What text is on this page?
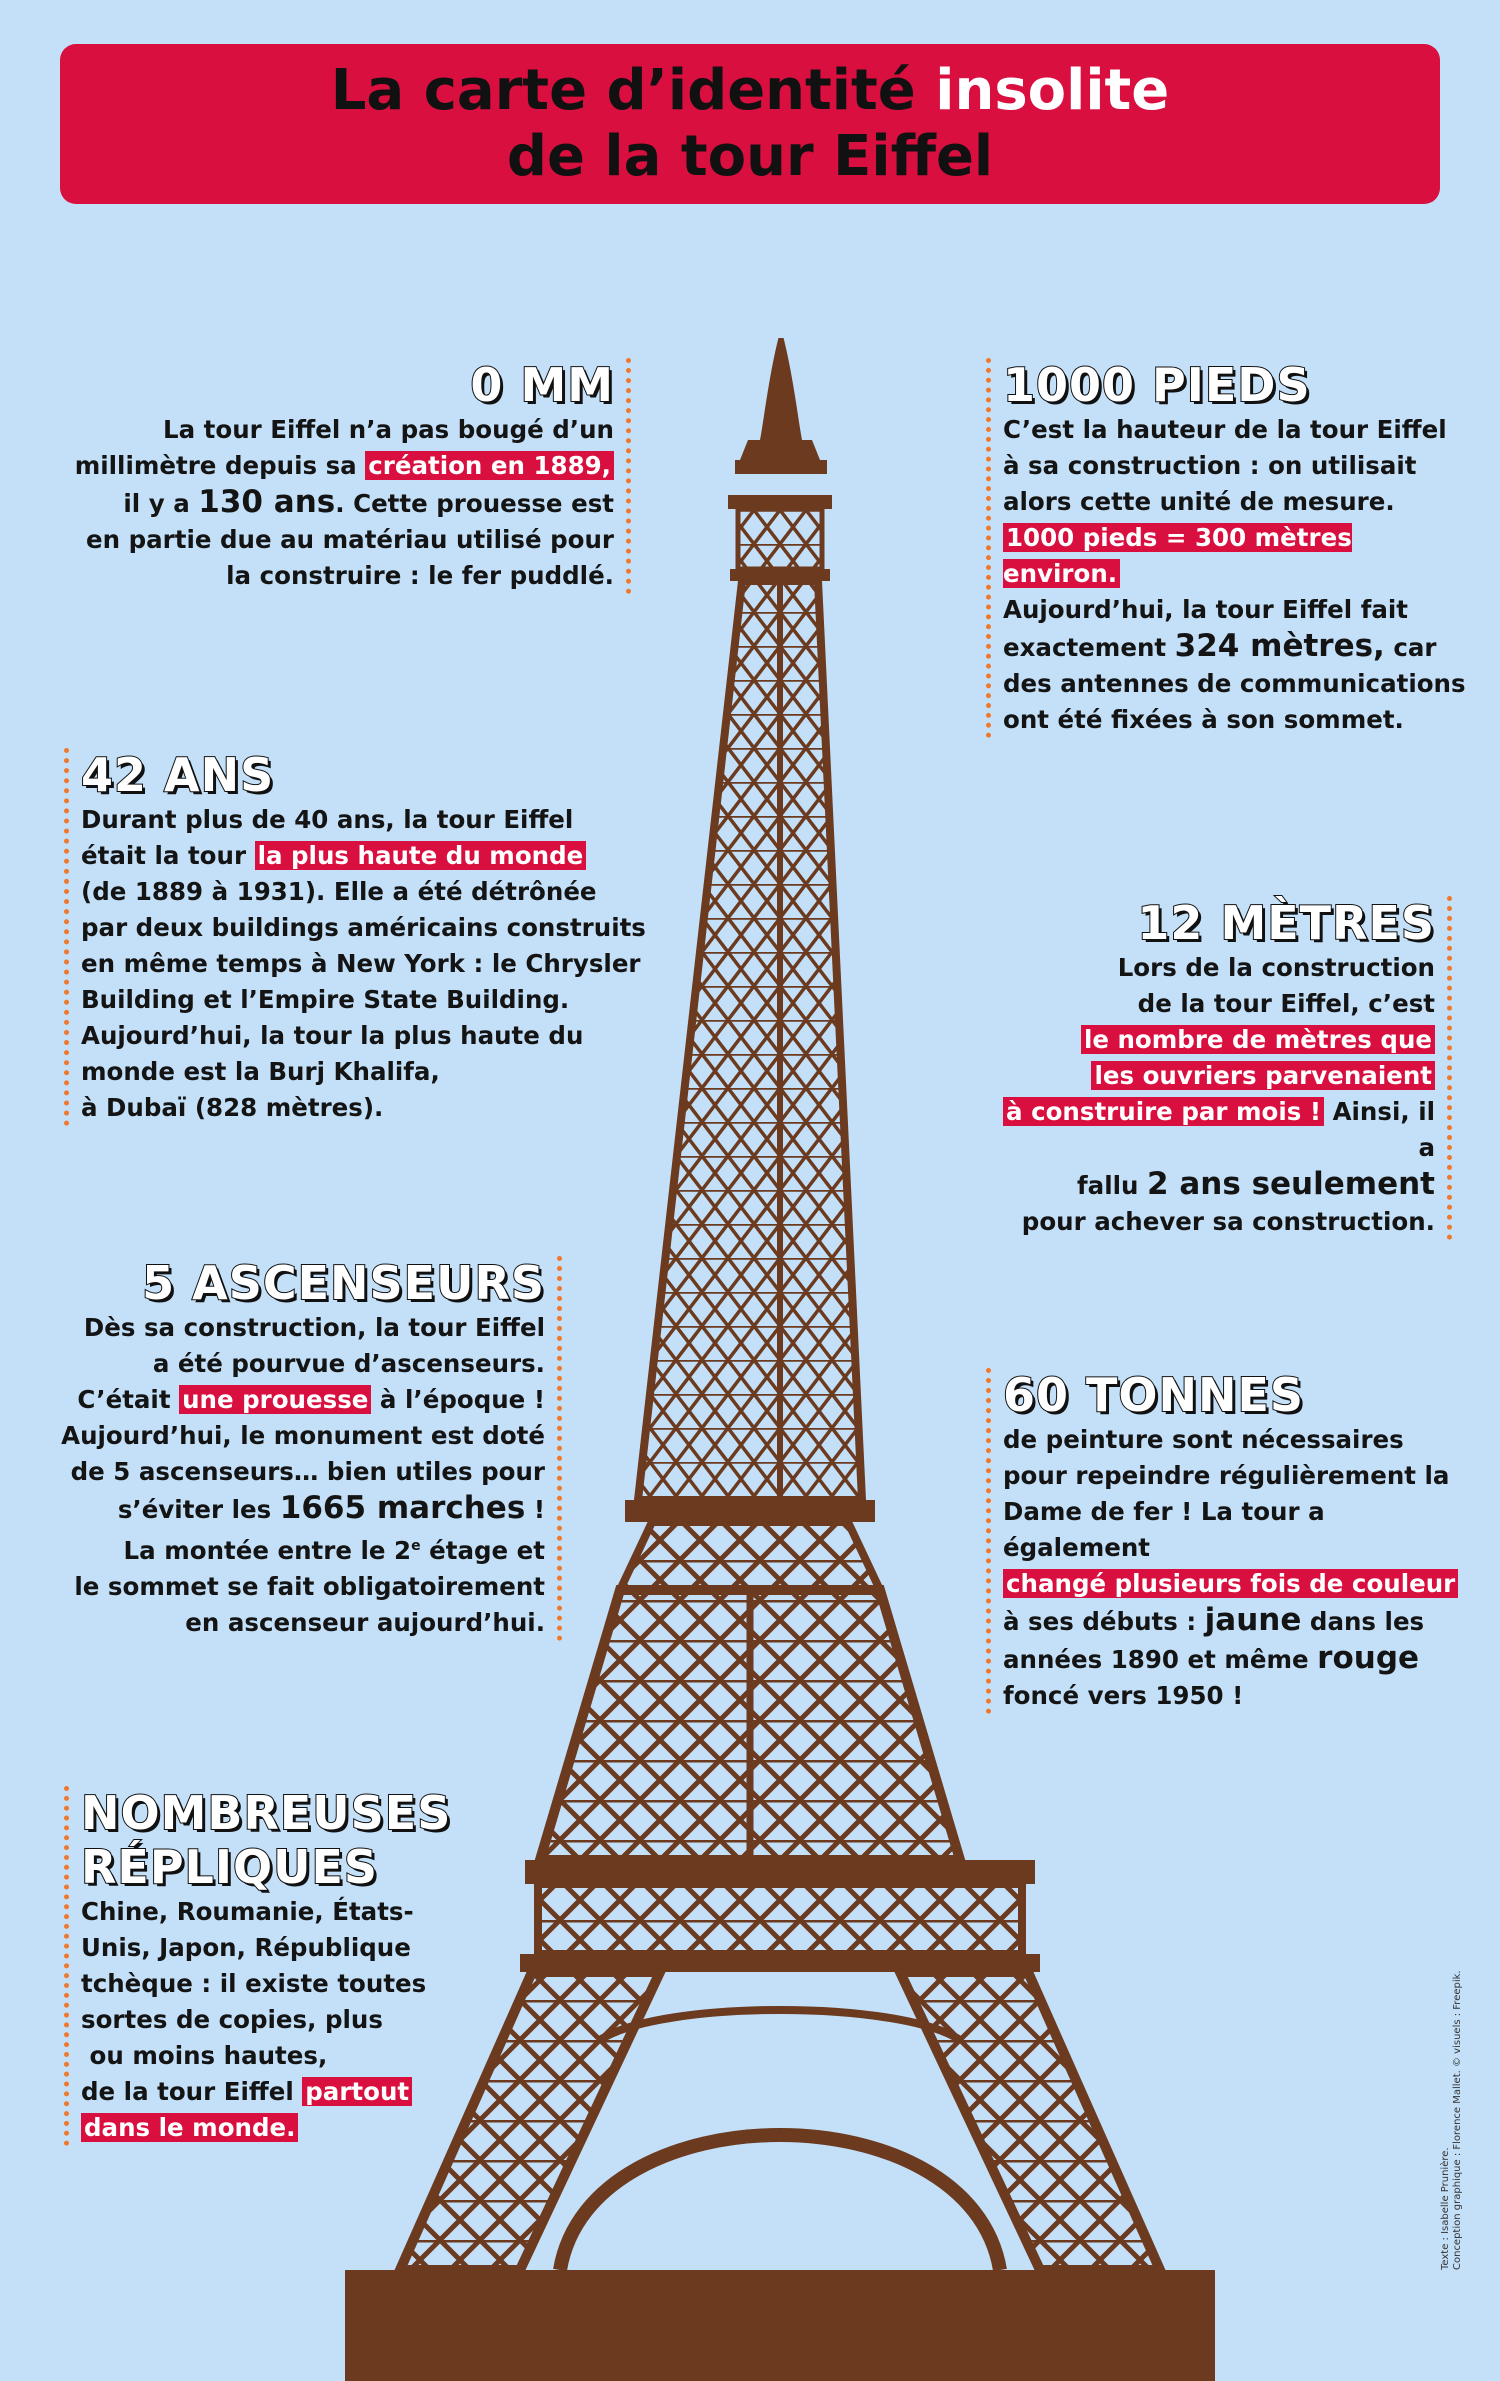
La carte d’identité insolite
de la tour Eiffel
0 MM
La tour Eiffel n’a pas bougé d’un
millimètre depuis sa création en 1889,
il y a 130 ans. Cette prouesse est
en partie due au matériau utilisé pour
la construire : le fer puddlé.
1000 PIEDS
C’est la hauteur de la tour Eiffel
à sa construction : on utilisait
alors cette unité de mesure.
1000 pieds = 300 mètres environ.
Aujourd’hui, la tour Eiffel fait
exactement 324 mètres, car
des antennes de communications
ont été fixées à son sommet.
42 ANS
Durant plus de 40 ans, la tour Eiffel
était la tour la plus haute du monde
(de 1889 à 1931). Elle a été détrônée
par deux buildings américains construits
en même temps à New York : le Chrysler
Building et l’Empire State Building.
Aujourd’hui, la tour la plus haute du
monde est la Burj Khalifa,
à Dubaï (828 mètres).
12 MÈTRES
Lors de la construction
de la tour Eiffel, c’est
le nombre de mètres que
les ouvriers parvenaient
à construire par mois ! Ainsi, il a
fallu 2 ans seulement
pour achever sa construction.
5 ASCENSEURS
Dès sa construction, la tour Eiffel
a été pourvue d’ascenseurs.
C’était une prouesse à l’époque !
Aujourd’hui, le monument est doté
de 5 ascenseurs… bien utiles pour
s’éviter les 1665 marches !
La montée entre le 2e étage et
le sommet se fait obligatoirement
en ascenseur aujourd’hui.
60 TONNES
de peinture sont nécessaires
pour repeindre régulièrement la
Dame de fer ! La tour a également
changé plusieurs fois de couleur
à ses débuts : jaune dans les
années 1890 et même rouge
foncé vers 1950 !
NOMBREUSES
RÉPLIQUES
Chine, Roumanie, États-
Unis, Japon, République
tchèque : il existe toutes
sortes de copies, plus
ou moins hautes,
de la tour Eiffel partout
dans le monde.
Texte : Isabelle Prunière. Conception graphique : Florence Mallet. © visuels : Freepik.
